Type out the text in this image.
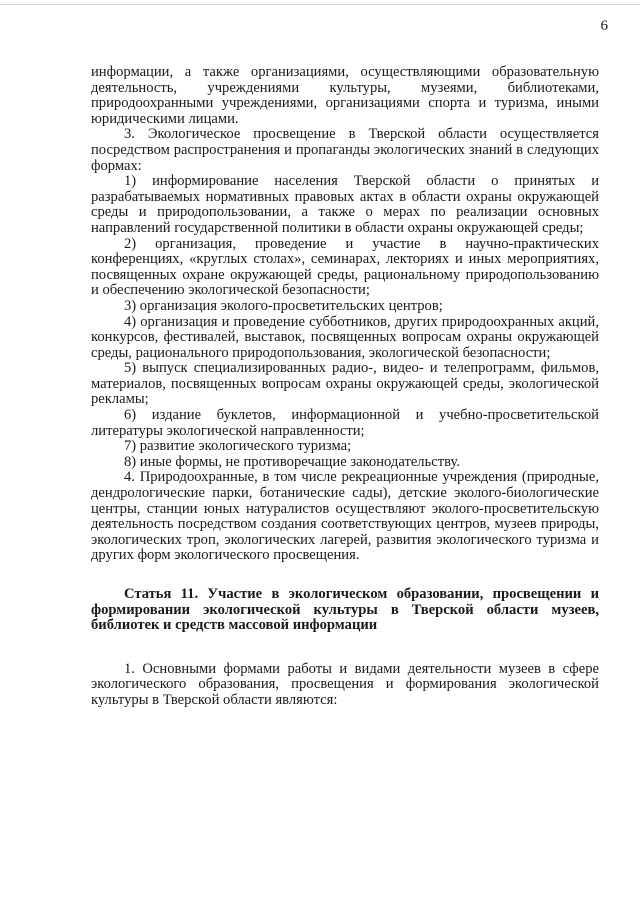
6

информации, а также организациями, осуществляющими образовательную деятельность, учреждениями культуры, музеями, библиотеками, природоохранными учреждениями, организациями спорта и туризма, иными юридическими лицами.

3. Экологическое просвещение в Тверской области осуществляется посредством распространения и пропаганды экологических знаний в следующих формах:

1) информирование населения Тверской области о принятых и разрабатываемых нормативных правовых актах в области охраны окружающей среды и природопользовании, а также о мерах по реализации основных направлений государственной политики в области охраны окружающей среды;

2) организация, проведение и участие в научно-практических конференциях, «круглых столах», семинарах, лекториях и иных мероприятиях, посвященных охране окружающей среды, рациональному природопользованию и обеспечению экологической безопасности;

3) организация эколого-просветительских центров;

4) организация и проведение субботников, других природоохранных акций, конкурсов, фестивалей, выставок, посвященных вопросам охраны окружающей среды, рационального природопользования, экологической безопасности;

5) выпуск специализированных радио-, видео- и телепрограмм, фильмов, материалов, посвященных вопросам охраны окружающей среды, экологической рекламы;

6) издание буклетов, информационной и учебно-просветительской литературы экологической направленности;

7) развитие экологического туризма;

8) иные формы, не противоречащие законодательству.

4. Природоохранные, в том числе рекреационные учреждения (природные, дендрологические парки, ботанические сады), детские эколого-биологические центры, станции юных натуралистов осуществляют эколого-просветительскую деятельность посредством создания соответствующих центров, музеев природы, экологических троп, экологических лагерей, развития экологического туризма и других форм экологического просвещения.

Статья 11. Участие в экологическом образовании, просвещении и формировании экологической культуры в Тверской области музеев, библиотек и средств массовой информации

1. Основными формами работы и видами деятельности музеев в сфере экологического образования, просвещения и формирования экологической культуры в Тверской области являются:
